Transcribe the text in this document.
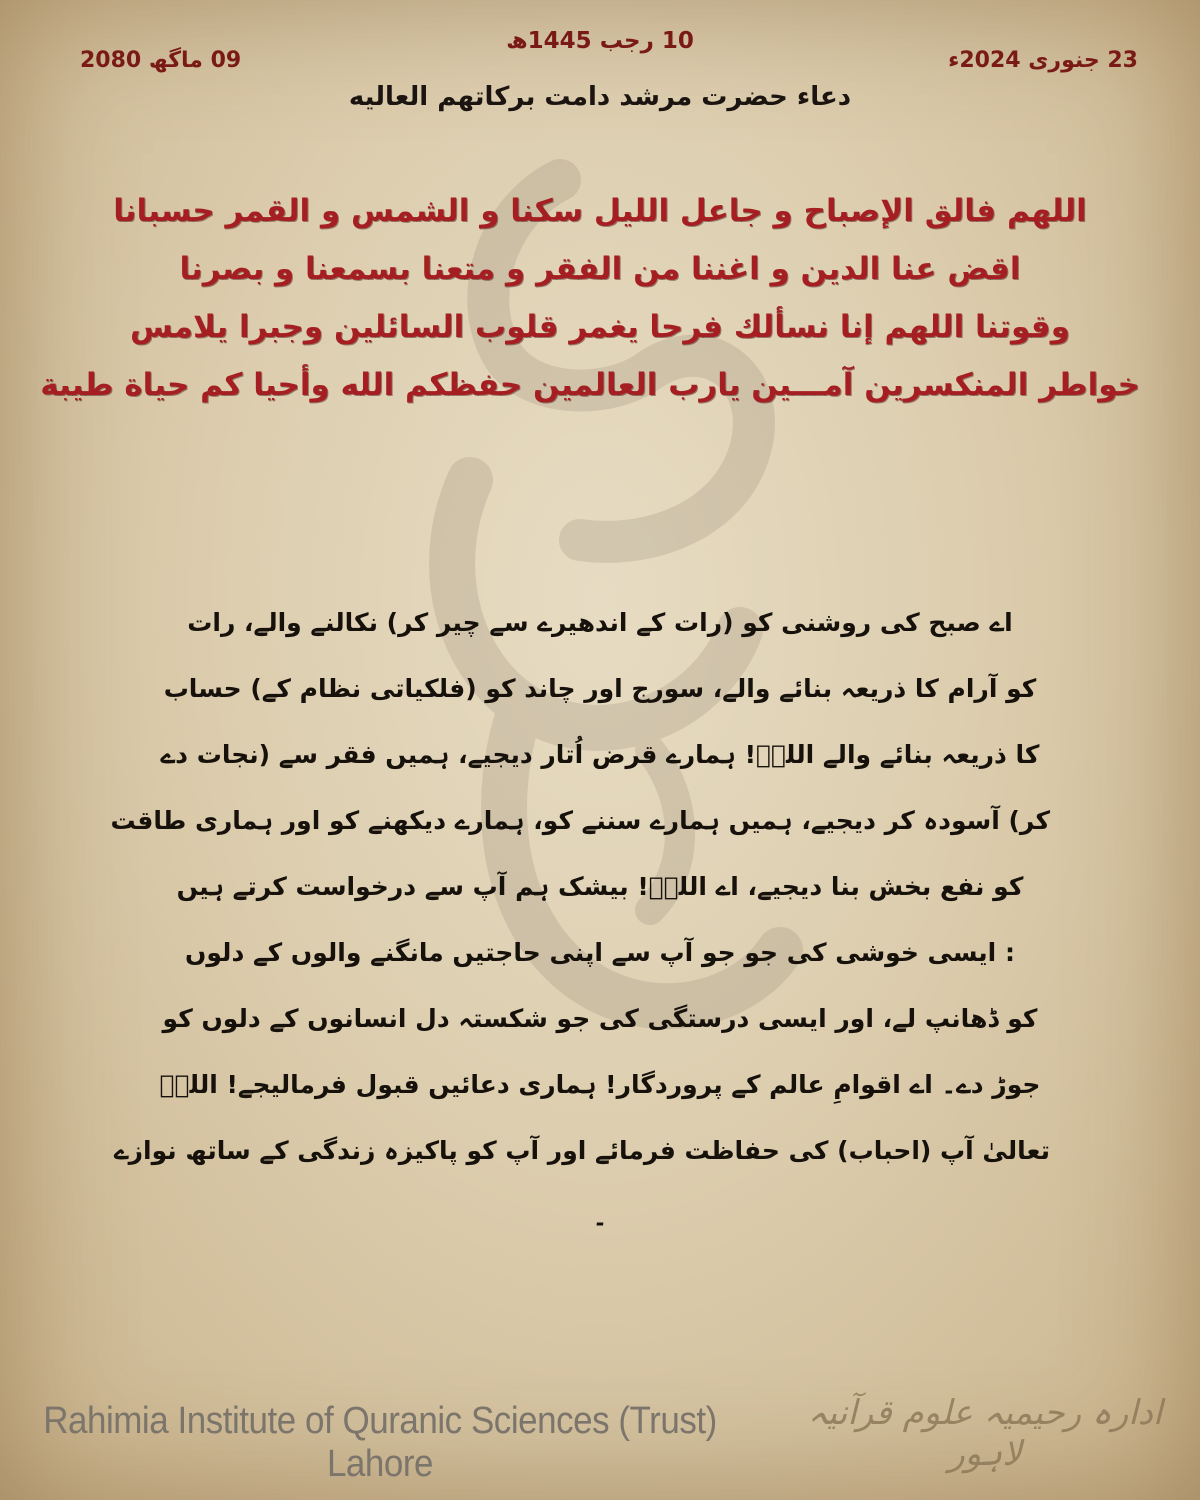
10 رجب 1445ھ
23 جنوری 2024ء
09 ماگھ 2080
دعاء حضرت مرشد دامت برکاتهم العالیه
اللهم فالق الإصباح و جاعل الليل سكنا و الشمس و القمر حسبانا
اقض عنا الدين و اغننا من الفقر و متعنا بسمعنا و بصرنا
وقوتنا اللهم إنا نسألك فرحا يغمر قلوب السائلين وجبرا يلامس
خواطر المنكسرين آمـــين يارب العالمين حفظكم الله وأحيا كم حياة طيبة
اے صبح کی روشنی کو (رات کے اندھیرے سے چیر کر) نکالنے والے، رات
کو آرام کا ذریعہ بنائے والے، سورج اور چاند کو (فلکیاتی نظام کے) حساب
کا ذریعہ بنائے والے اللہؐ! ہمارے قرض اُتار دیجیے، ہمیں فقر سے (نجات دے
کر) آسودہ کر دیجیے، ہمیں ہمارے سننے کو، ہمارے دیکھنے کو اور ہماری طاقت
کو نفع بخش بنا دیجیے، اے اللہؐ! بیشک ہم آپ سے درخواست کرتے ہیں
: ایسی خوشی کی جو جو آپ سے اپنی حاجتیں مانگنے والوں کے دلوں
کو ڈھانپ لے، اور ایسی درستگی کی جو شکستہ دل انسانوں کے دلوں کو
جوڑ دے۔ اے اقوامِ عالم کے پروردگار! ہماری دعائیں قبول فرمالیجے! اللہؐ
تعالیٰ آپ (احباب) کی حفاظت فرمائے اور آپ کو پاکیزہ زندگی کے ساتھ نوازے
۔
Rahimia Institute of Quranic Sciences (Trust) Lahore
ادارہ رحیمیہ علوم قرآنیہ لاہور
